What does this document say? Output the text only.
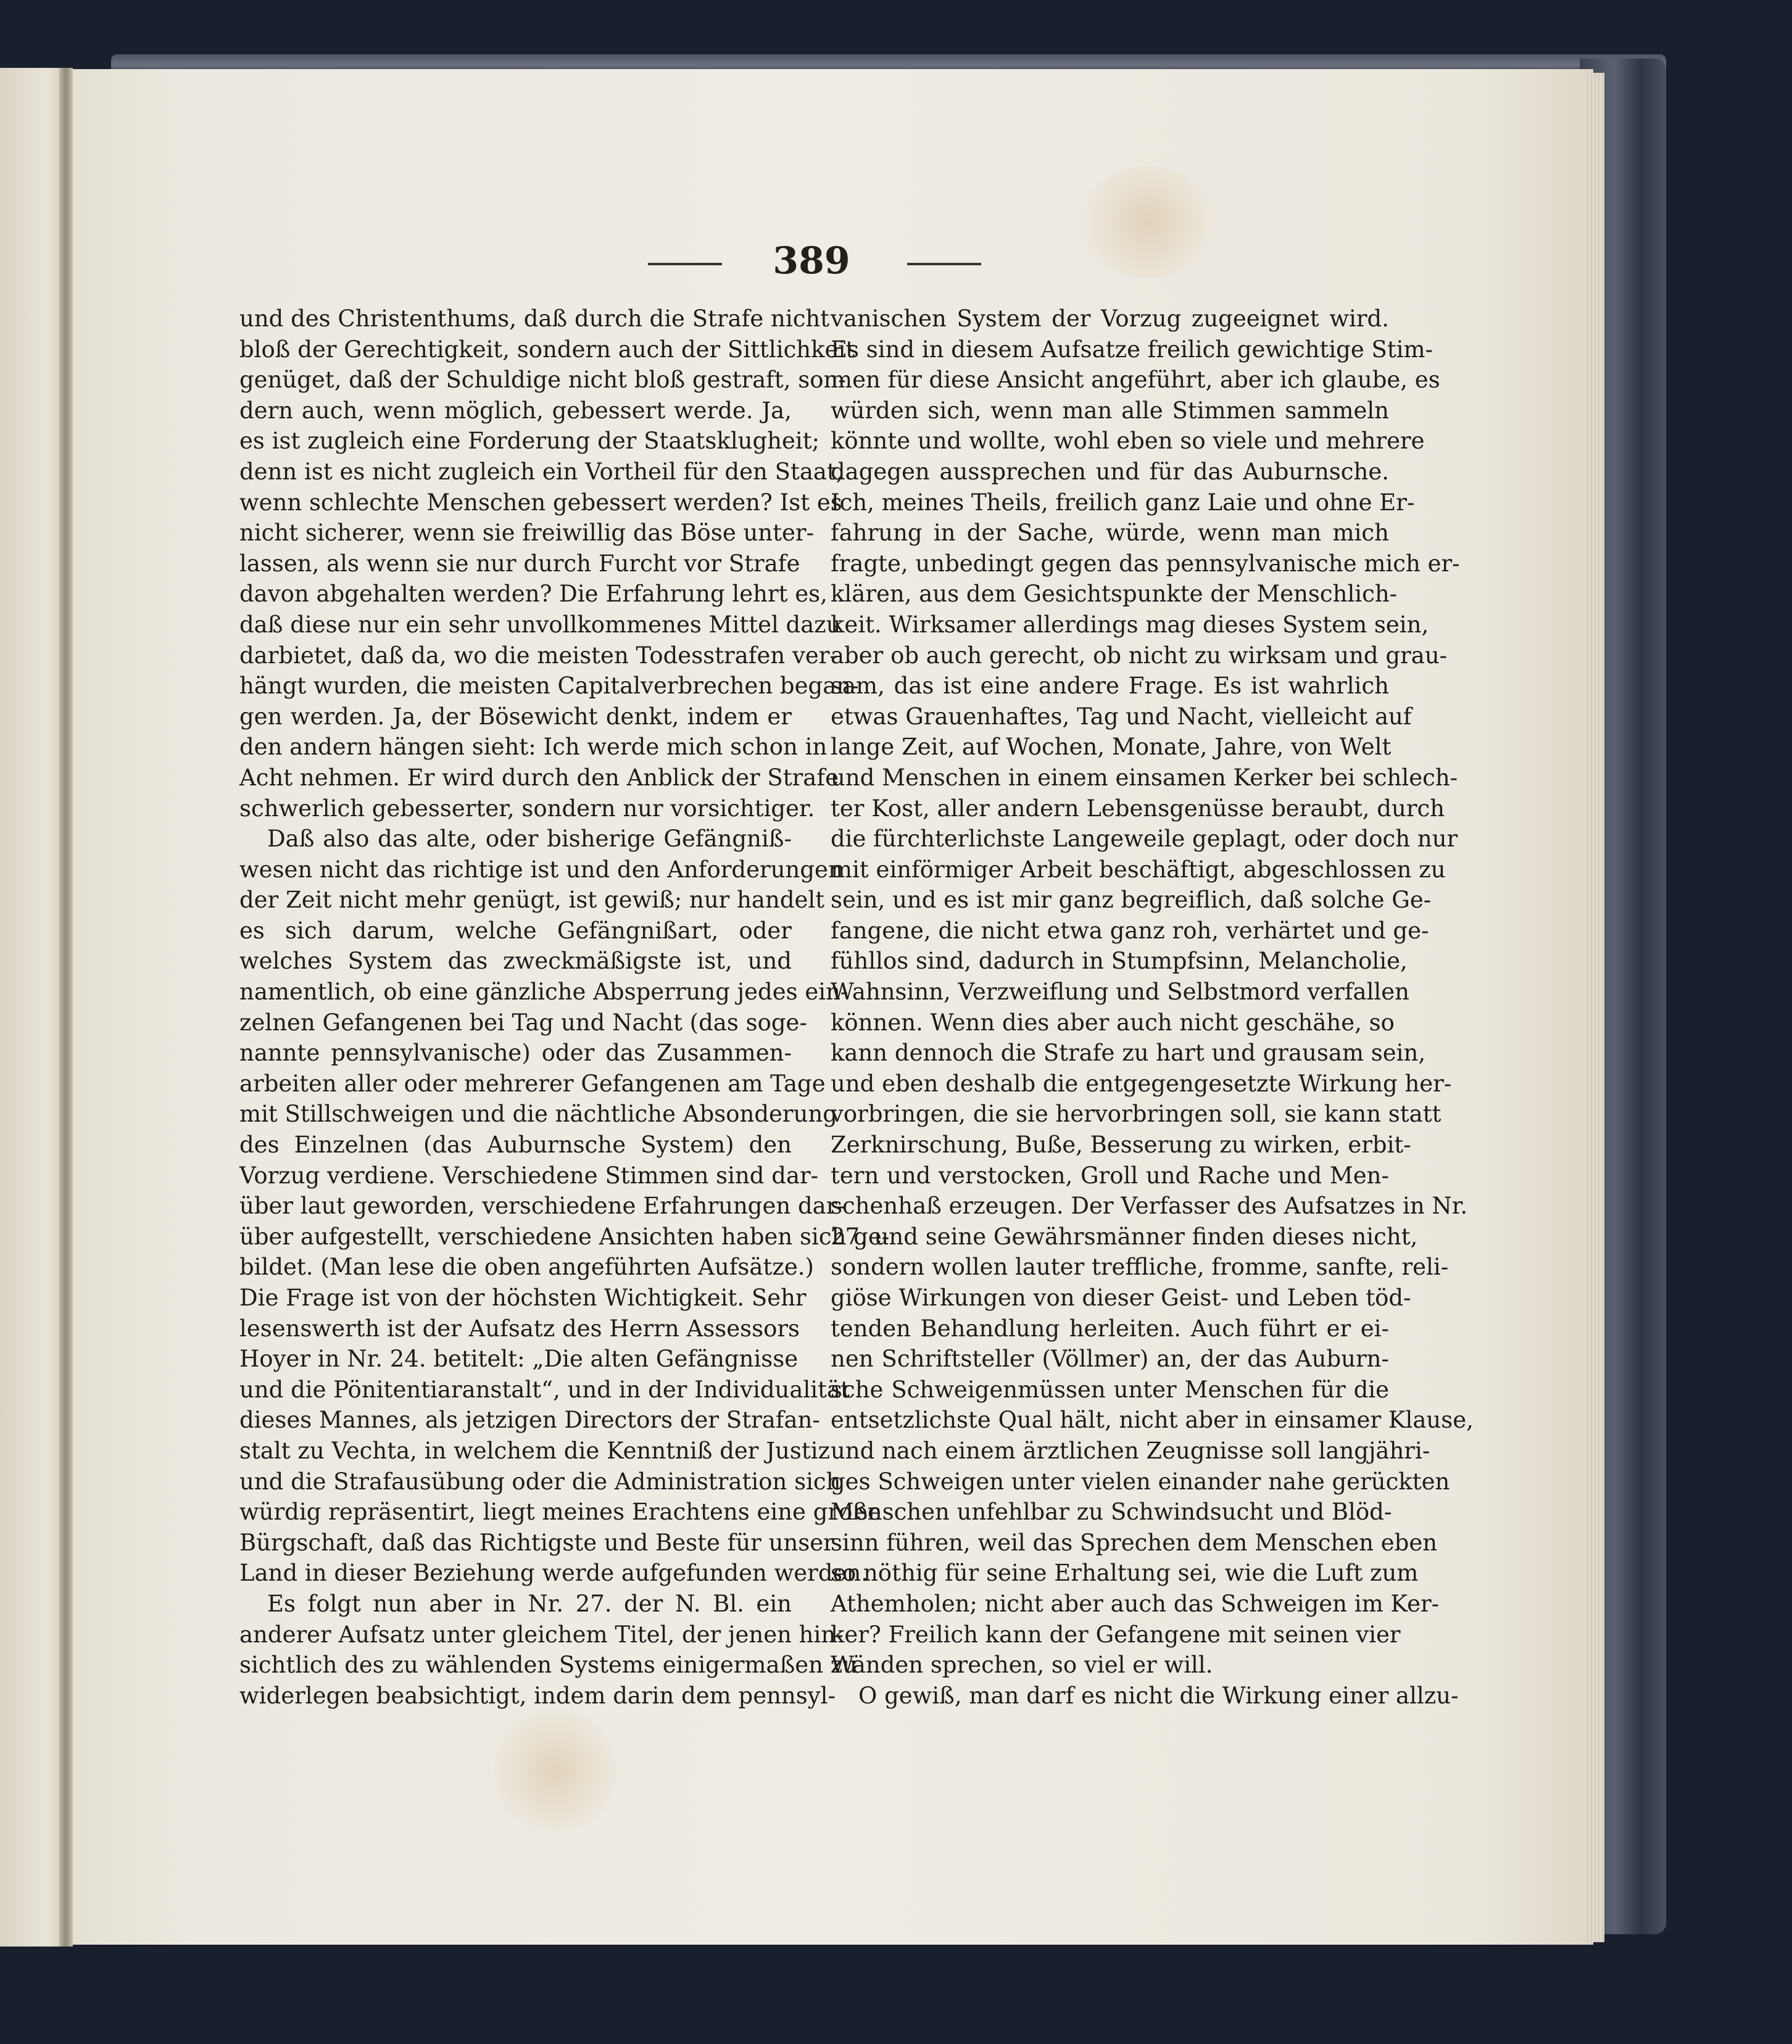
389
und des Christenthums, daß durch die Strafe nicht
bloß der Gerechtigkeit, sondern auch der Sittlichkeit
genüget, daß der Schuldige nicht bloß gestraft, son-
dern auch, wenn möglich, gebessert werde. Ja,
es ist zugleich eine Forderung der Staatsklugheit;
denn ist es nicht zugleich ein Vortheil für den Staat,
wenn schlechte Menschen gebessert werden? Ist es
nicht sicherer, wenn sie freiwillig das Böse unter-
lassen, als wenn sie nur durch Furcht vor Strafe
davon abgehalten werden? Die Erfahrung lehrt es,
daß diese nur ein sehr unvollkommenes Mittel dazu
darbietet, daß da, wo die meisten Todesstrafen ver-
hängt wurden, die meisten Capitalverbrechen began-
gen werden. Ja, der Bösewicht denkt, indem er
den andern hängen sieht: Ich werde mich schon in
Acht nehmen. Er wird durch den Anblick der Strafe
schwerlich gebesserter, sondern nur vorsichtiger.
Daß also das alte, oder bisherige Gefängniß-
wesen nicht das richtige ist und den Anforderungen
der Zeit nicht mehr genügt, ist gewiß; nur handelt
es sich darum, welche Gefängnißart, oder
welches System das zweckmäßigste ist, und
namentlich, ob eine gänzliche Absperrung jedes ein-
zelnen Gefangenen bei Tag und Nacht (das soge-
nannte pennsylvanische) oder das Zusammen-
arbeiten aller oder mehrerer Gefangenen am Tage
mit Stillschweigen und die nächtliche Absonderung
des Einzelnen (das Auburnsche System) den
Vorzug verdiene. Verschiedene Stimmen sind dar-
über laut geworden, verschiedene Erfahrungen dar-
über aufgestellt, verschiedene Ansichten haben sich ge-
bildet. (Man lese die oben angeführten Aufsätze.)
Die Frage ist von der höchsten Wichtigkeit. Sehr
lesenswerth ist der Aufsatz des Herrn Assessors
Hoyer in Nr. 24. betitelt: „Die alten Gefängnisse
und die Pönitentiaranstalt“, und in der Individualität
dieses Mannes, als jetzigen Directors der Strafan-
stalt zu Vechta, in welchem die Kenntniß der Justiz
und die Strafausübung oder die Administration sich
würdig repräsentirt, liegt meines Erachtens eine große
Bürgschaft, daß das Richtigste und Beste für unser
Land in dieser Beziehung werde aufgefunden werden.
Es folgt nun aber in Nr. 27. der N. Bl. ein
anderer Aufsatz unter gleichem Titel, der jenen hin-
sichtlich des zu wählenden Systems einigermaßen zu
widerlegen beabsichtigt, indem darin dem pennsyl-
vanischen System der Vorzug zugeeignet wird.
Es sind in diesem Aufsatze freilich gewichtige Stim-
men für diese Ansicht angeführt, aber ich glaube, es
würden sich, wenn man alle Stimmen sammeln
könnte und wollte, wohl eben so viele und mehrere
dagegen aussprechen und für das Auburnsche.
Ich, meines Theils, freilich ganz Laie und ohne Er-
fahrung in der Sache, würde, wenn man mich
fragte, unbedingt gegen das pennsylvanische mich er-
klären, aus dem Gesichtspunkte der Menschlich-
keit. Wirksamer allerdings mag dieses System sein,
aber ob auch gerecht, ob nicht zu wirksam und grau-
sam, das ist eine andere Frage. Es ist wahrlich
etwas Grauenhaftes, Tag und Nacht, vielleicht auf
lange Zeit, auf Wochen, Monate, Jahre, von Welt
und Menschen in einem einsamen Kerker bei schlech-
ter Kost, aller andern Lebensgenüsse beraubt, durch
die fürchterlichste Langeweile geplagt, oder doch nur
mit einförmiger Arbeit beschäftigt, abgeschlossen zu
sein, und es ist mir ganz begreiflich, daß solche Ge-
fangene, die nicht etwa ganz roh, verhärtet und ge-
fühllos sind, dadurch in Stumpfsinn, Melancholie,
Wahnsinn, Verzweiflung und Selbstmord verfallen
können. Wenn dies aber auch nicht geschähe, so
kann dennoch die Strafe zu hart und grausam sein,
und eben deshalb die entgegengesetzte Wirkung her-
vorbringen, die sie hervorbringen soll, sie kann statt
Zerknirschung, Buße, Besserung zu wirken, erbit-
tern und verstocken, Groll und Rache und Men-
schenhaß erzeugen. Der Verfasser des Aufsatzes in Nr.
27. und seine Gewährsmänner finden dieses nicht,
sondern wollen lauter treffliche, fromme, sanfte, reli-
giöse Wirkungen von dieser Geist- und Leben töd-
tenden Behandlung herleiten. Auch führt er ei-
nen Schriftsteller (Völlmer) an, der das Auburn-
sche Schweigenmüssen unter Menschen für die
entsetzlichste Qual hält, nicht aber in einsamer Klause,
und nach einem ärztlichen Zeugnisse soll langjähri-
ges Schweigen unter vielen einander nahe gerückten
Menschen unfehlbar zu Schwindsucht und Blöd-
sinn führen, weil das Sprechen dem Menschen eben
so nöthig für seine Erhaltung sei, wie die Luft zum
Athemholen; nicht aber auch das Schweigen im Ker-
ker? Freilich kann der Gefangene mit seinen vier
Wänden sprechen, so viel er will.
O gewiß, man darf es nicht die Wirkung einer allzu-
